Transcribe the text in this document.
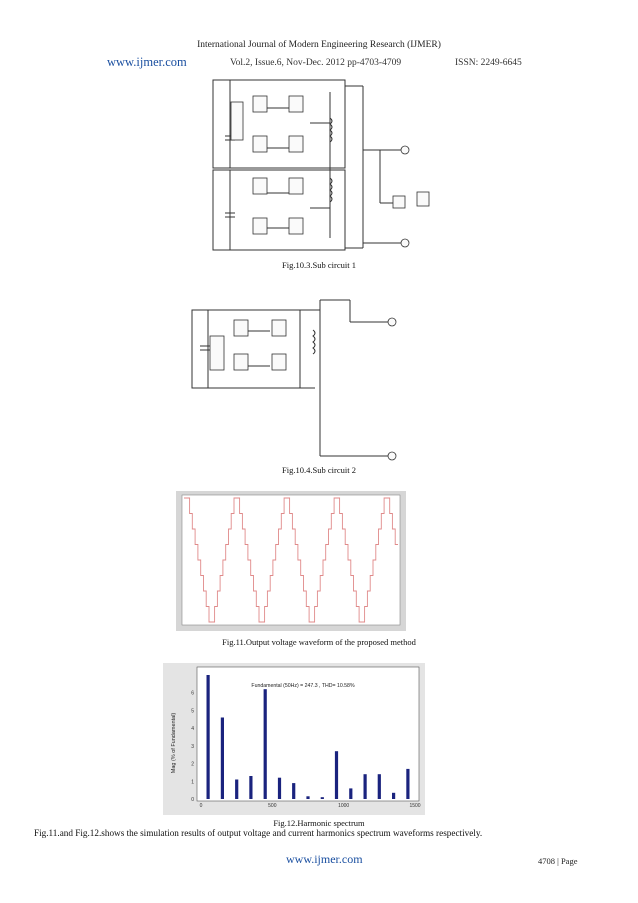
International Journal of Modern Engineering Research (IJMER)
www.ijmer.com	Vol.2, Issue.6, Nov-Dec. 2012 pp-4703-4709	ISSN: 2249-6645
Fig.10.3.Sub circuit 1
Fig.10.4.Sub circuit 2
Fig.11.Output voltage waveform of the proposed method
Fundamental (50Hz) = 247.3 , THD= 10.58%
Mag (% of Fundamental)
0
1
2
3
4
5
6
0	500	1000	1500
Fig.12.Harmonic spectrum
Fig.11.and Fig.12.shows the simulation results of output voltage and current harmonics spectrum waveforms respectively.
www.ijmer.com	4708 | Page
